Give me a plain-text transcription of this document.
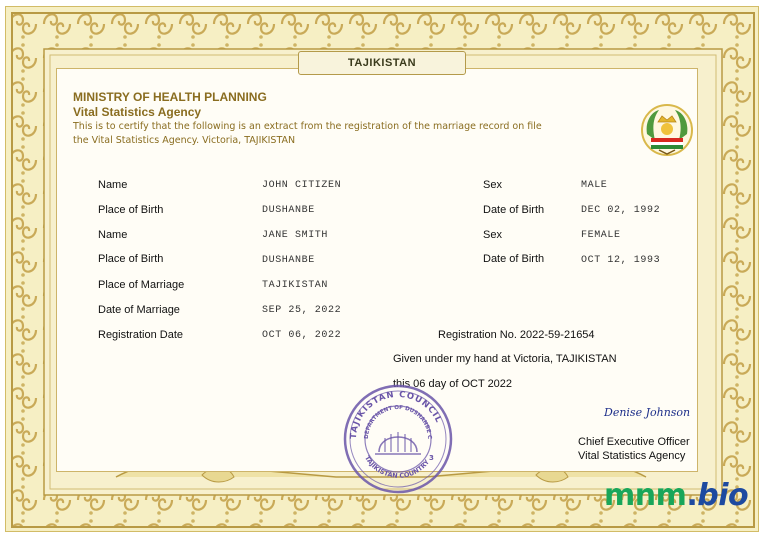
TAJIKISTAN
MINISTRY OF HEALTH PLANNING
Vital Statistics Agency
This is to certify that the following is an extract from the registration of the marriage record on file
the Vital Statistics Agency. Victoria, TAJIKISTAN
Name	JOHN CITIZEN	Sex	MALE
Place of Birth	DUSHANBE	Date of Birth	DEC 02, 1992
Name	JANE SMITH	Sex	FEMALE
Place of Birth	DUSHANBE	Date of Birth	OCT 12, 1993
Place of Marriage	TAJIKISTAN
Date of Marriage	SEP 25, 2022
Registration Date	OCT 06, 2022	Registration No. 2022-59-21654
Given under my hand at Victoria, TAJIKISTAN
this 06 day of OCT 2022
TAJIKISTAN COUNCIL
DEPARTMENT OF DUSHANBE C
TAJIKISTAN COUNTRY
3
Denise Johnson
Chief Executive Officer
Vital Statistics Agency
mnm.bio
